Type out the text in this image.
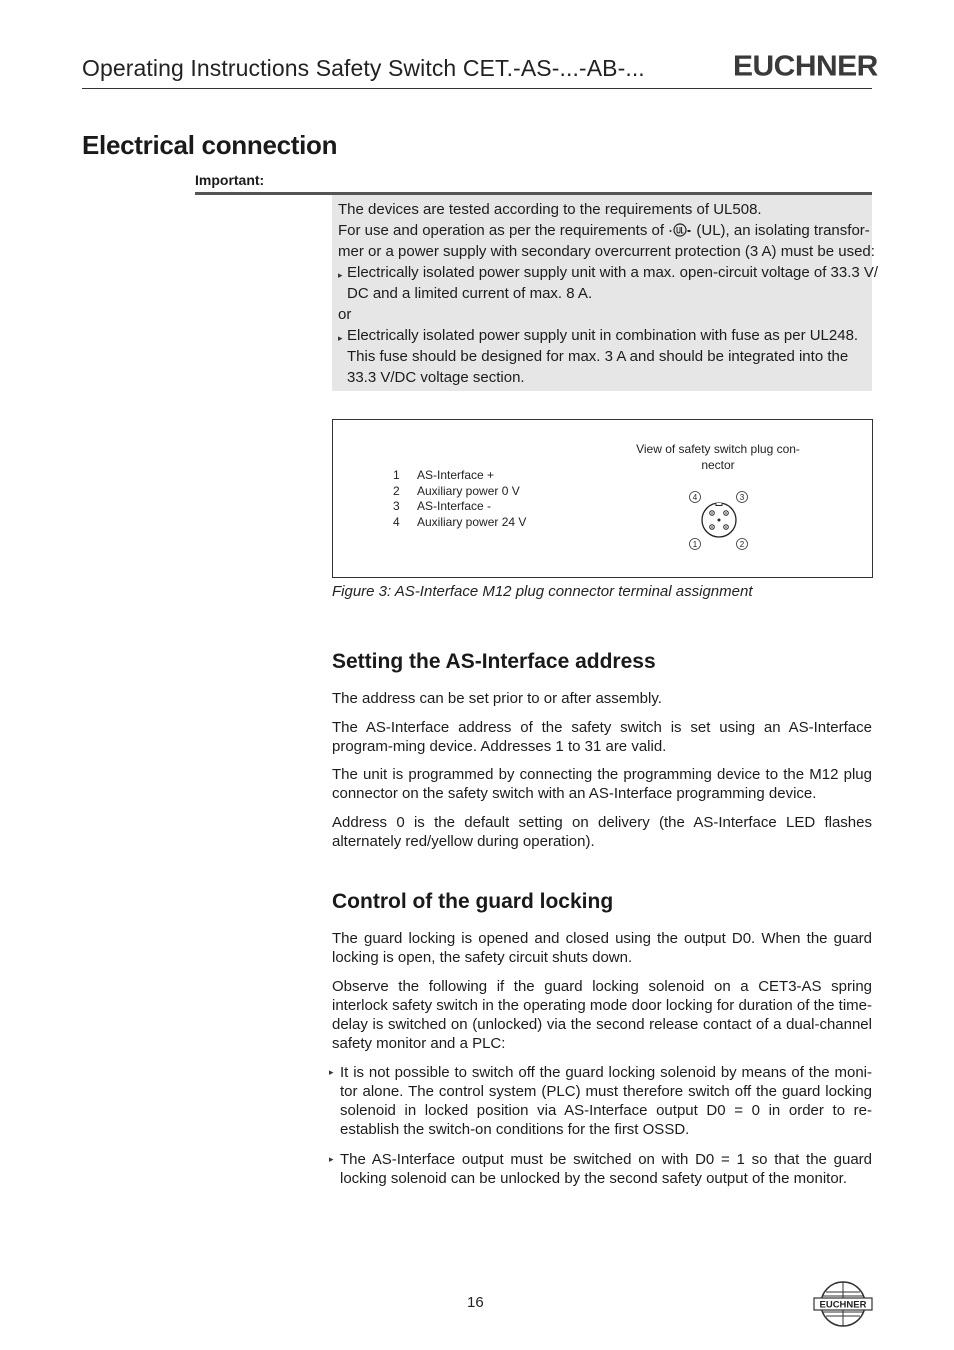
Operating Instructions Safety Switch CET.-AS-...-AB-...	EUCHNER
Electrical connection
Important:
The devices are tested according to the requirements of UL508.
For use and operation as per the requirements of (UL), an isolating transfor-
mer or a power supply with secondary overcurrent protection (3 A) must be used:
▸ Electrically isolated power supply unit with a max. open-circuit voltage of 33.3 V/
DC and a limited current of max. 8 A.
or
▸ Electrically isolated power supply unit in combination with fuse as per UL248.
This fuse should be designed for max. 3 A and should be integrated into the
33.3 V/DC voltage section.
1	AS-Interface +
2	Auxiliary power 0 V
3	AS-Interface -
4	Auxiliary power 24 V
View of safety switch plug con-
nector
4	3
1	2
Figure 3: AS-Interface M12 plug connector terminal assignment
Setting the AS-Interface address
The address can be set prior to or after assembly.
The AS-Interface address of the safety switch is set using an AS-Interface program-ming device. Addresses 1 to 31 are valid.
The unit is programmed by connecting the programming device to the M12 plug connector on the safety switch with an AS-Interface programming device.
Address 0 is the default setting on delivery (the AS-Interface LED flashes alternately red/yellow during operation).
Control of the guard locking
The guard locking is opened and closed using the output D0. When the guard locking is open, the safety circuit shuts down.
Observe the following if the guard locking solenoid on a CET3-AS spring interlock safety switch in the operating mode door locking for duration of the time-delay is switched on (unlocked) via the second release contact of a dual-channel safety monitor and a PLC:
▸ It is not possible to switch off the guard locking solenoid by means of the moni-tor alone. The control system (PLC) must therefore switch off the guard locking solenoid in locked position via AS-Interface output D0 = 0 in order to re-establish the switch-on conditions for the first OSSD.
▸ The AS-Interface output must be switched on with D0 = 1 so that the guard locking solenoid can be unlocked by the second safety output of the monitor.
16	EUCHNER
